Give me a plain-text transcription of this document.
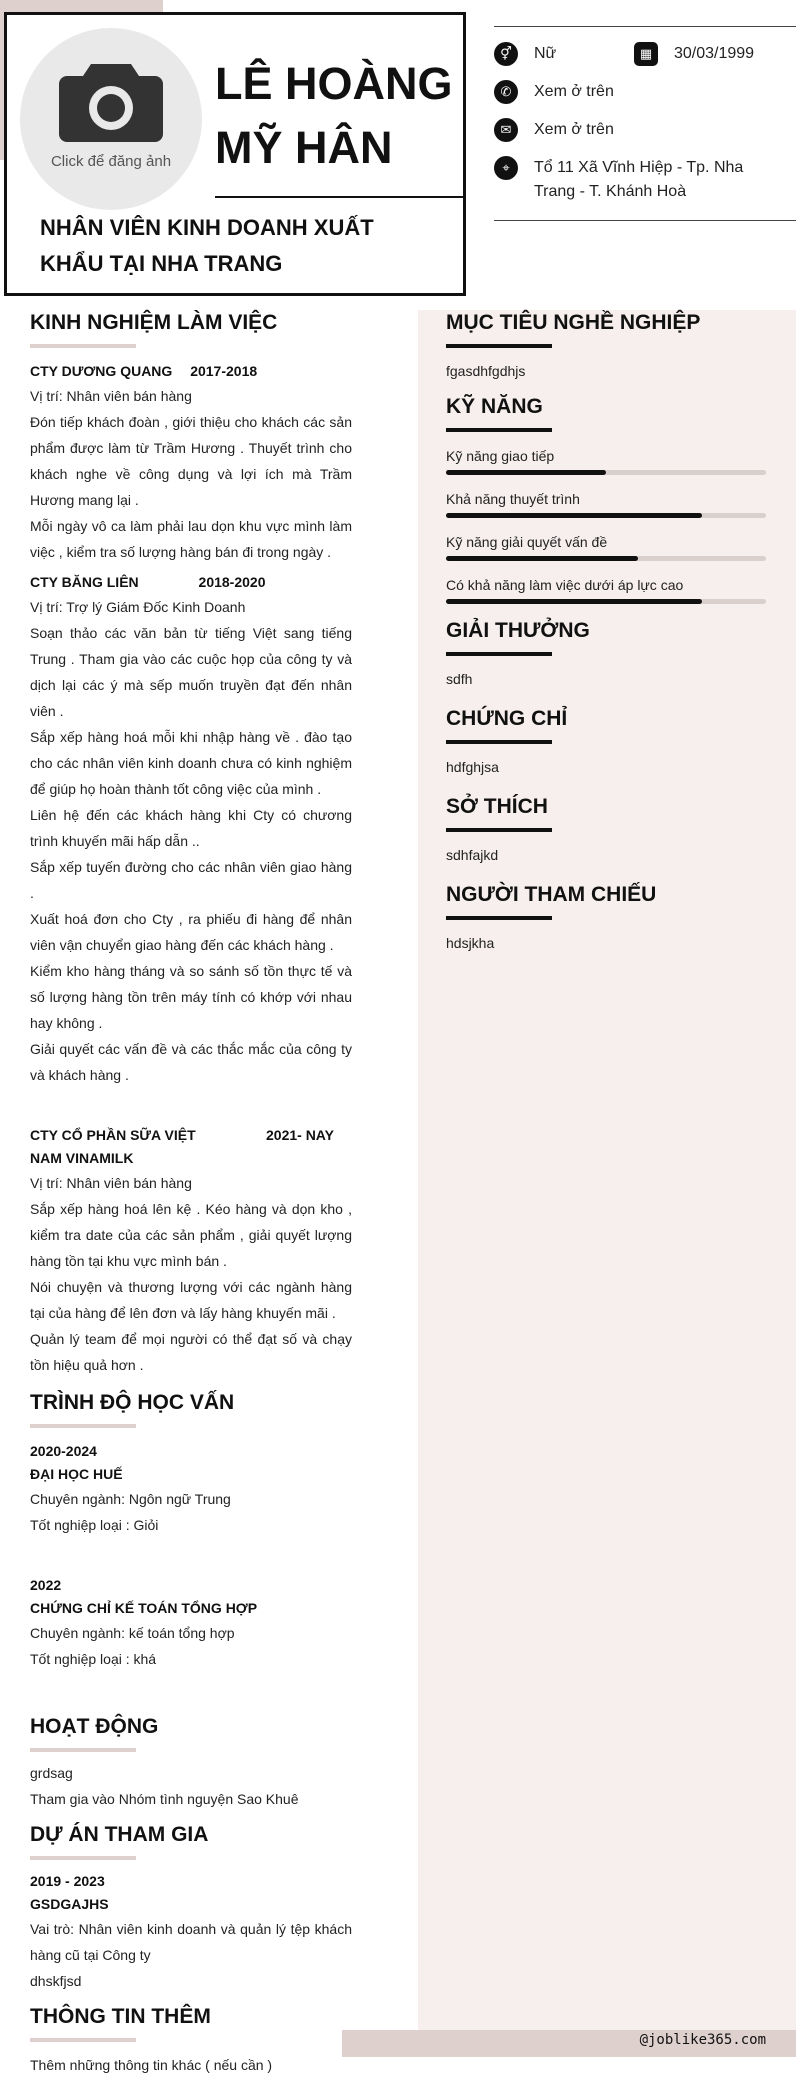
Click để đăng ảnh
LÊ HOÀNG
MỸ HÂN
NHÂN VIÊN KINH DOANH XUẤT
KHẨU TẠI NHA TRANG
⚥	Nữ	▦	30/03/1999
✆	Xem ở trên
✉	Xem ở trên
⌖	Tổ 11 Xã Vĩnh Hiệp - Tp. Nha
Trang - T. Khánh Hoà
KINH NGHIỆM LÀM VIỆC
CTY DƯƠNG QUANG 2017-2018

Vị trí: Nhân viên bán hàng

Đón tiếp khách đoàn , giới thiệu cho khách các sản phẩm được làm từ Trầm Hương . Thuyết trình cho khách nghe về công dụng và lợi ích mà Trầm Hương mang lại .

Mỗi ngày vô ca làm phải lau dọn khu vực mình làm việc , kiểm tra số lượng hàng bán đi trong ngày .

CTY BĂNG LIÊN	2018-2020

Vị trí: Trợ lý Giám Đốc Kinh Doanh

Soạn thảo các văn bản từ tiếng Việt sang tiếng Trung . Tham gia vào các cuộc họp của công ty và dịch lại các ý mà sếp muốn truyền đạt đến nhân viên .

Sắp xếp hàng hoá mỗi khi nhập hàng về . đào tạo cho các nhân viên kinh doanh chưa có kinh nghiệm để giúp họ hoàn thành tốt công việc của mình .

Liên hệ đến các khách hàng khi Cty có chương trình khuyến mãi hấp dẫn ..

Sắp xếp tuyến đường cho các nhân viên giao hàng .

Xuất hoá đơn cho Cty , ra phiếu đi hàng để nhân viên vận chuyển giao hàng đến các khách hàng .

Kiểm kho hàng tháng và so sánh số tồn thực tế và số lượng hàng tồn trên máy tính có khớp với nhau hay không .

Giải quyết các vấn đề và các thắc mắc của công ty và khách hàng .

CTY CỔ PHẦN SỮA VIỆT NAM VINAMILK
2021- NAY

Vị trí: Nhân viên bán hàng

Sắp xếp hàng hoá lên kệ . Kéo hàng và dọn kho , kiểm tra date của các sản phẩm , giải quyết lượng hàng tồn tại khu vực mình bán .

Nói chuyện và thương lượng với các ngành hàng tại của hàng để lên đơn và lấy hàng khuyến mãi .

Quản lý team để mọi người có thể đạt số và chạy tồn hiệu quả hơn .

TRÌNH ĐỘ HỌC VẤN
2020-2024
ĐẠI HỌC HUẾ

Chuyên ngành: Ngôn ngữ Trung

Tốt nghiệp loại : Giỏi

2022
CHỨNG CHỈ KẾ TOÁN TỔNG HỢP

Chuyên ngành: kế toán tổng hợp

Tốt nghiệp loại : khá

HOẠT ĐỘNG

grdsag

Tham gia vào Nhóm tình nguyện Sao Khuê

DỰ ÁN THAM GIA
2019 - 2023
GSDGAJHS

Vai trò: Nhân viên kinh doanh và quản lý tệp khách hàng cũ tại Công ty

dhskfjsd

THÔNG TIN THÊM

Thêm những thông tin khác ( nếu cần )

MỤC TIÊU NGHỀ NGHIỆP

fgasdhfgdhjs

KỸ NĂNG
Kỹ năng giao tiếp
Khả năng thuyết trình
Kỹ năng giải quyết vấn đề
Có khả năng làm việc dưới áp lực cao
GIẢI THƯỞNG

sdfh

CHỨNG CHỈ

hdfghjsa

SỞ THÍCH

sdhfajkd

NGƯỜI THAM CHIẾU

hdsjkha

@joblike365.com
